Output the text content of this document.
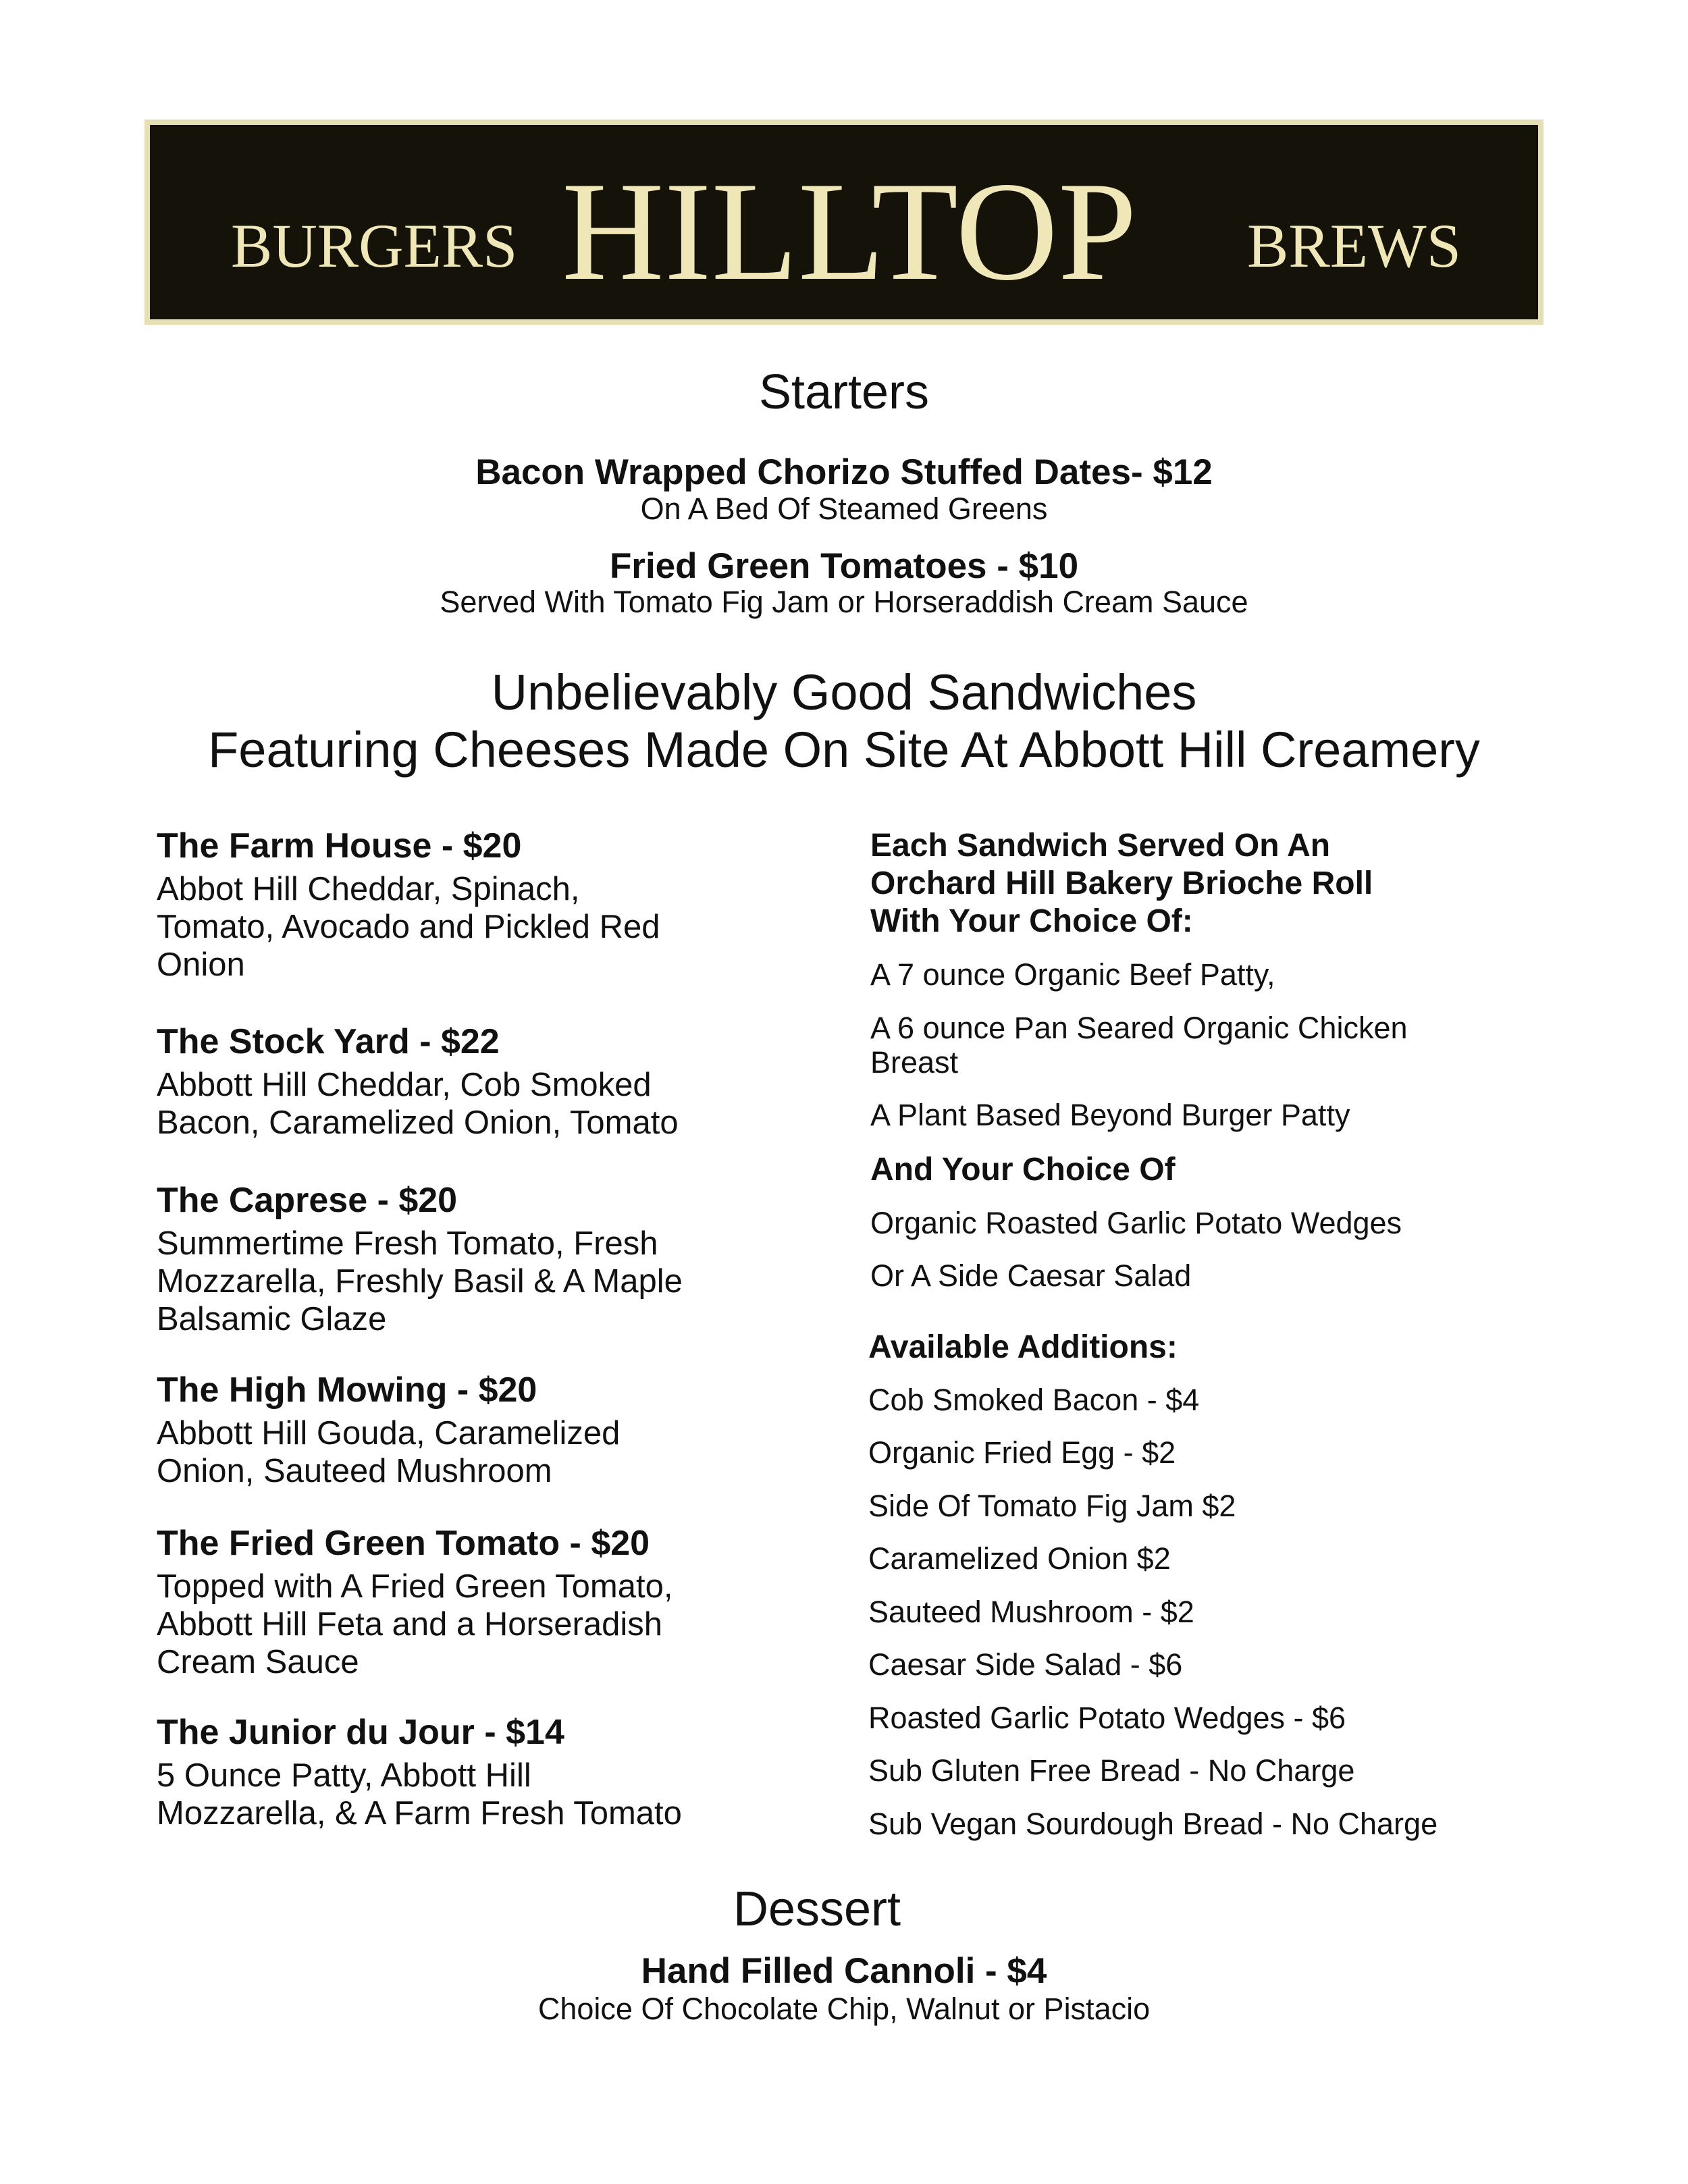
BURGERS HILLTOP BREWS
Starters
Bacon Wrapped Chorizo Stuffed Dates- $12
On A Bed Of Steamed Greens
Fried Green Tomatoes - $10
Served With Tomato Fig Jam or Horseraddish Cream Sauce
Unbelievably Good Sandwiches
Featuring Cheeses Made On Site At Abbott Hill Creamery
The Farm House - $20
Abbot Hill Cheddar, Spinach,
Tomato, Avocado and Pickled Red
Onion
The Stock Yard - $22
Abbott Hill Cheddar, Cob Smoked
Bacon, Caramelized Onion, Tomato
The Caprese - $20
Summertime Fresh Tomato, Fresh
Mozzarella, Freshly Basil & A Maple
Balsamic Glaze
The High Mowing - $20
Abbott Hill Gouda, Caramelized
Onion, Sauteed Mushroom
The Fried Green Tomato - $20
Topped with A Fried Green Tomato,
Abbott Hill Feta and a Horseradish
Cream Sauce
The Junior du Jour - $14
5 Ounce Patty, Abbott Hill
Mozzarella, & A Farm Fresh Tomato
Each Sandwich Served On An
Orchard Hill Bakery Brioche Roll
With Your Choice Of:
A 7 ounce Organic Beef Patty,
A 6 ounce Pan Seared Organic Chicken
Breast
A Plant Based Beyond Burger Patty
And Your Choice Of
Organic Roasted Garlic Potato Wedges
Or A Side Caesar Salad
Available Additions:
Cob Smoked Bacon - $4
Organic Fried Egg - $2
Side Of Tomato Fig Jam $2
Caramelized Onion $2
Sauteed Mushroom - $2
Caesar Side Salad - $6
Roasted Garlic Potato Wedges - $6
Sub Gluten Free Bread - No Charge
Sub Vegan Sourdough Bread - No Charge
Dessert
Hand Filled Cannoli - $4
Choice Of Chocolate Chip, Walnut or Pistacio
